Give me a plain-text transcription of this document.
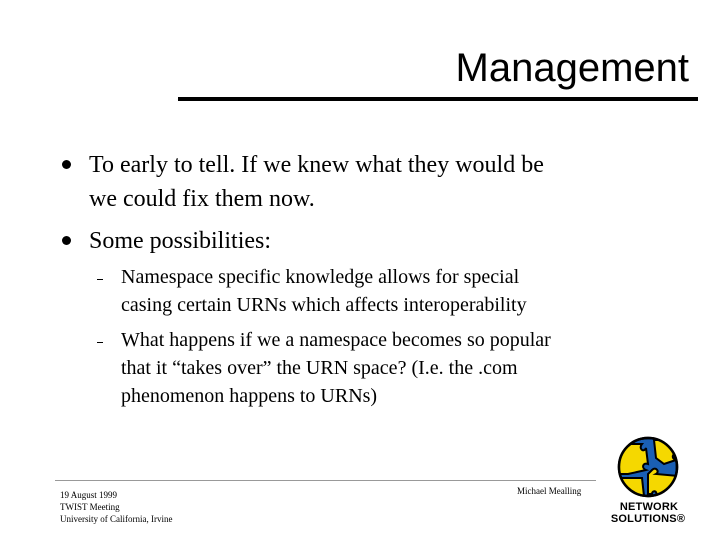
Management
To early to tell. If we knew what they would be
we could fix them now.
Some possibilities:
Namespace specific knowledge allows for special
casing certain URNs which affects interoperability
What happens if we a namespace becomes so popular
that it “takes over” the URN space? (I.e. the .com
phenomenon happens to URNs)
19 August 1999
TWIST Meeting
University of California, Irvine
Michael Mealling
NETWORK
SOLUTIONS®
